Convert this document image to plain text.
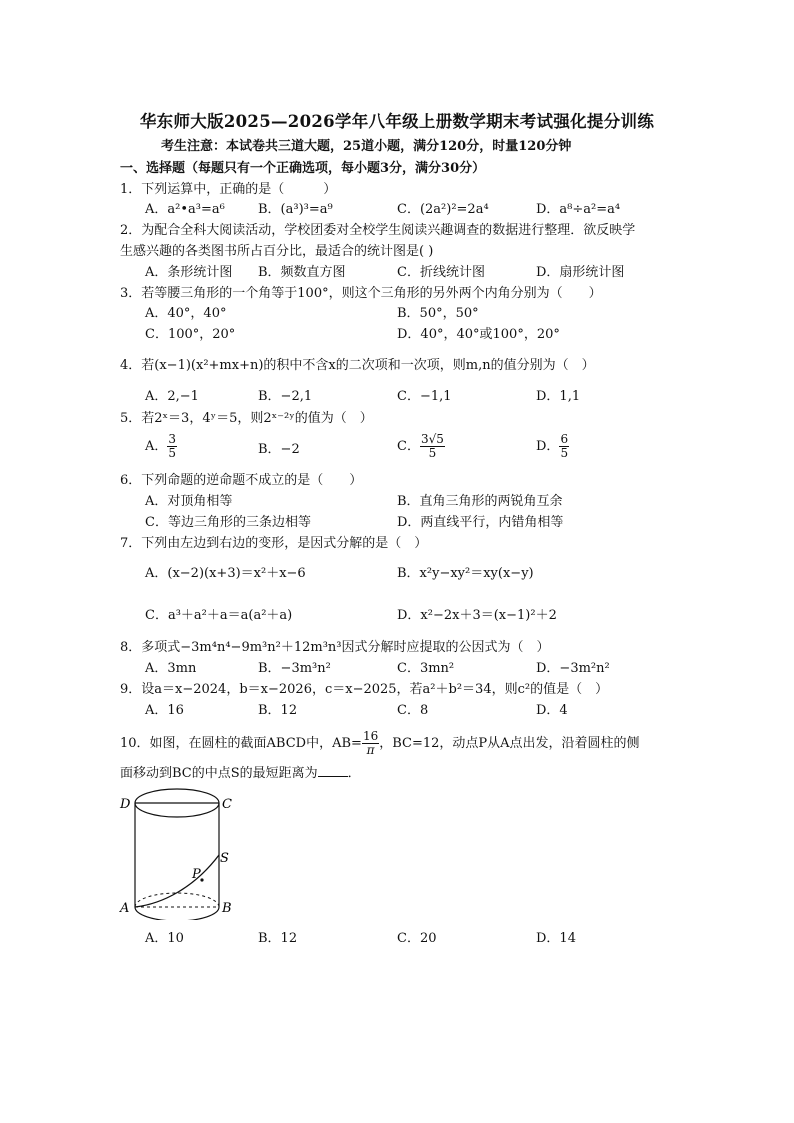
华东师大版2025—2026学年八年级上册数学期末考试强化提分训练
考生注意：本试卷共三道大题，25道小题，满分120分，时量120分钟
一、选择题（每题只有一个正确选项，每小题3分，满分30分）
1．下列运算中，正确的是（　　　）
A．a²•a³=a⁶	B．(a³)³=a⁹	C．(2a²)²=2a⁴	D．a⁸÷a²=a⁴
2．为配合全科大阅读活动，学校团委对全校学生阅读兴趣调查的数据进行整理．欲反映学
生感兴趣的各类图书所占百分比，最适合的统计图是( )
A．条形统计图 B．频数直方图	C．折线统计图	D．扇形统计图
3．若等腰三角形的一个角等于100°，则这个三角形的另外两个内角分别为（　　）
A．40°，40°	B．50°，50°
C．100°，20°	D．40°，40°或100°，20°
4．若(x−1)(x²+mx+n)的积中不含x的二次项和一次项，则m,n的值分别为（　）
A．2,−1	B．−2,1	C．−1,1	D．1,1
5．若2ˣ＝3，4ʸ＝5，则2ˣ⁻²ʸ的值为（　）
A． $\frac{3}{5}$	B．−2	C． $\frac{3√5}{5}$	D． $\frac{6}{5}$
6．下列命题的逆命题不成立的是（　　）
A．对顶角相等	B．直角三角形的两锐角互余
C．等边三角形的三条边相等	D．两直线平行，内错角相等
7．下列由左边到右边的变形，是因式分解的是（　）
A．(x−2)(x+3)＝x²＋x−6	B．x²y−xy²＝xy(x−y)
C．a³＋a²＋a＝a(a²＋a)	D．x²−2x＋3＝(x−1)²＋2
8．多项式−3m⁴n⁴−9m³n²＋12m³n³因式分解时应提取的公因式为（　）
A．3mn	B．−3m³n²	C．3mn²	D．−3m²n²
9．设a＝x−2024，b＝x−2026，c＝x−2025，若a²＋b²＝34，则c²的值是（　）
A．16	B．12	C．8	D．4
10．如图，在圆柱的截面ABCD中，$AB= \frac{16}{\pi}$ ，BC=12，动点P从A点出发，沿着圆柱的侧
面移动到BC的中点S的最短距离为 ．
D	C
S
P
A	B
A．10	B．12	C．20	D．14
